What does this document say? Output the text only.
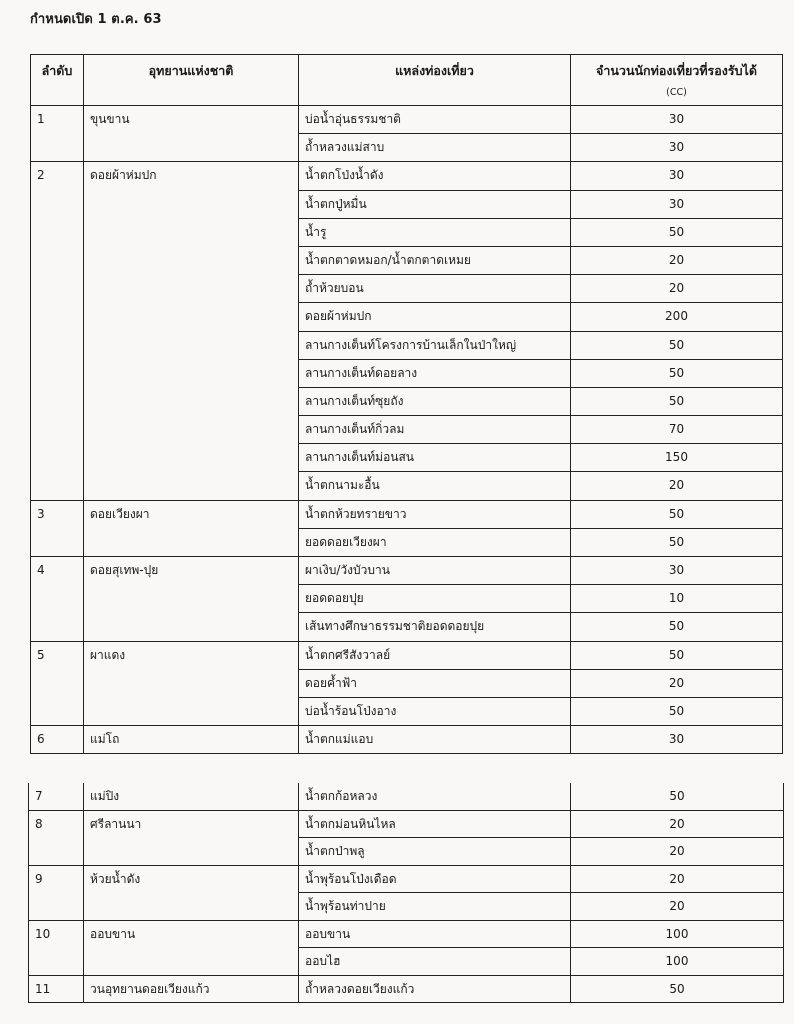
กำหนดเปิด 1 ต.ค. 63
ลำดับ	อุทยานแห่งชาติ	แหล่งท่องเที่ยว	จำนวนนักท่องเที่ยวที่รองรับได้
(CC)

1	ขุนขาน	บ่อน้ำอุ่นธรรมชาติ	30
		ถ้ำหลวงแม่สาบ	30
2	ดอยผ้าห่มปก	น้ำตกโป่งน้ำดัง	30
		น้ำตกปู่หมื่น	30
		น้ำรู	50
		น้ำตกตาดหมอก/น้ำตกตาดเหมย	20
		ถ้ำห้วยบอน	20
		ดอยผ้าห่มปก	200
		ลานกางเต็นท์โครงการบ้านเล็กในป่าใหญ่	50
		ลานกางเต็นท์ดอยลาง	50
		ลานกางเต็นท์ซุยถัง	50
		ลานกางเต็นท์กิ่วลม	70
		ลานกางเต็นท์ม่อนสน	150
		น้ำตกนามะอื้น	20
3	ดอยเวียงผา	น้ำตกห้วยทรายขาว	50
		ยอดดอยเวียงผา	50
4	ดอยสุเทพ-ปุย	ผาเงิบ/วังบัวบาน	30
		ยอดดอยปุย	10
		เส้นทางศึกษาธรรมชาติยอดดอยปุย	50
5	ผาแดง	น้ำตกศรีสังวาลย์	50
		ดอยค้ำฟ้า	20
		บ่อน้ำร้อนโป่งอาง	50
6	แม่โถ	น้ำตกแม่แอบ	30
7	แม่ปิง	น้ำตกก้อหลวง	50
8	ศรีลานนา	น้ำตกม่อนหินไหล	20
		น้ำตกป่าพลู	20
9	ห้วยน้ำดัง	น้ำพุร้อนโป่งเดือด	20
		น้ำพุร้อนท่าปาย	20
10	ออบขาน	ออบขาน	100
		ออบไฮ	100
11	วนอุทยานดอยเวียงแก้ว	ถ้ำหลวงดอยเวียงแก้ว	50
